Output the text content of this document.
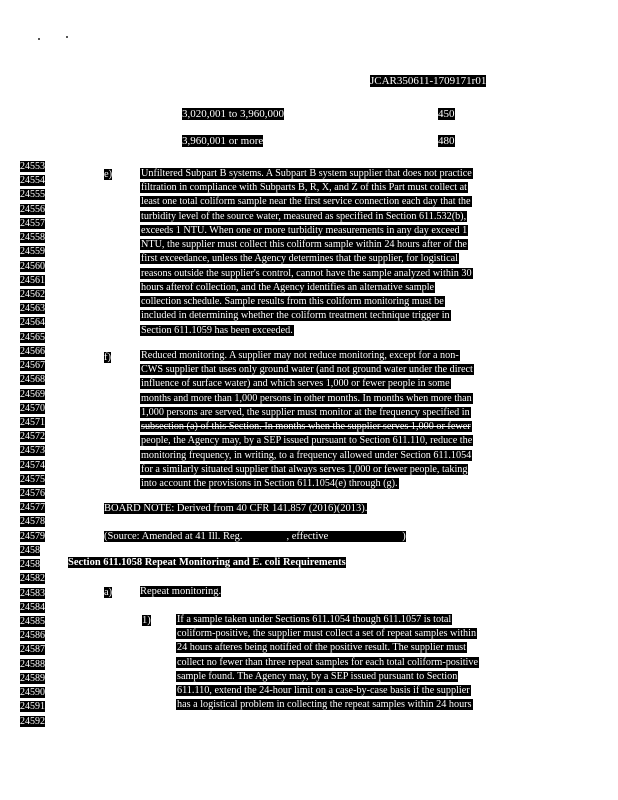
JCAR350611-1709171r01
3,020,001 to 3,960,000	450
3,960,001 or more	480
24553
24554
24555
24556
24557
24558
24559
24560
24561
24562
24563
24564
24565
24566
24567
24568
24569
24570
24571
24572
24573
24574
24575
24576
24577
24578
24579
2458
2458
24582
24583
24584
24585
24586
24587
24588
24589
24590
24591
24592
e)	Unfiltered Subpart B systems. A Subpart B system supplier that does not practice
filtration in compliance with Subparts B, R, X, and Z of this Part must collect at
least one total coliform sample near the first service connection each day that the
turbidity level of the source water, measured as specified in Section 611.532(b),
exceeds 1 NTU. When one or more turbidity measurements in any day exceed 1
NTU, the supplier must collect this coliform sample within 24 hours after of the
first exceedance, unless the Agency determines that the supplier, for logistical
reasons outside the supplier's control, cannot have the sample analyzed within 30
hours afterof collection, and the Agency identifies an alternative sample
collection schedule. Sample results from this coliform monitoring must be
included in determining whether the coliform treatment technique trigger in
Section 611.1059 has been exceeded.
f)	Reduced monitoring. A supplier may not reduce monitoring, except for a non-
CWS supplier that uses only ground water (and not ground water under the direct
influence of surface water) and which serves 1,000 or fewer people in some
months and more than 1,000 persons in other months. In months when more than
1,000 persons are served, the supplier must monitor at the frequency specified in
subsection (a) of this Section. In months when the supplier serves 1,000 or fewer
people, the Agency may, by a SEP issued pursuant to Section 611.110, reduce the
monitoring frequency, in writing, to a frequency allowed under Section 611.1054
for a similarly situated supplier that always serves 1,000 or fewer people, taking
into account the provisions in Section 611.1054(e) through (g).
BOARD NOTE: Derived from 40 CFR 141.857 (2016)(2013).
(Source: Amended at 41 Ill. Reg.	, effective	)
Section 611.1058 Repeat Monitoring and E. coli Requirements
a)	Repeat monitoring.
1)	If a sample taken under Sections 611.1054 though 611.1057 is total
coliform-positive, the supplier must collect a set of repeat samples within
24 hours afteres being notified of the positive result. The supplier must
collect no fewer than three repeat samples for each total coliform-positive
sample found. The Agency may, by a SEP issued pursuant to Section
611.110, extend the 24-hour limit on a case-by-case basis if the supplier
has a logistical problem in collecting the repeat samples within 24 hours
